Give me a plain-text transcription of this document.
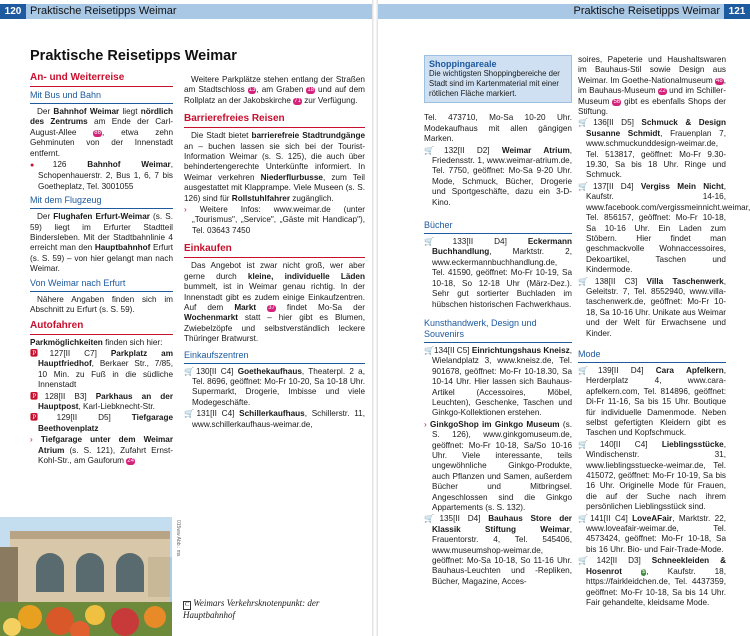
120 Praktische Reisetipps Weimar
Praktische Reisetipps Weimar
An- und Weiterreise
Mit Bus und Bahn

Der Bahnhof Weimar liegt nördlich des Zentrums am Ende der Carl-August-Allee 86, etwa zehn Gehminuten von der Innenstadt entfernt.

●126	Bahnhof Weimar, Schopenhauerstr. 2, Bus 1, 6, 7 bis Goetheplatz, Tel. 3001055

Mit dem Flugzeug

Der Flughafen Erfurt-Weimar (s. S. 59) liegt im Erfurter Stadtteil Bindersleben. Mit der Stadtbahnlinie 4 erreicht man den Hauptbahnhof Erfurt (s. S. 59) – von hier gelangt man nach Weimar.

Von Weimar nach Erfurt

Nähere Angaben finden sich im Abschnitt zu Erfurt (s. S. 59).

Autofahren

Parkmöglichkeiten finden sich hier:

🅿127[II C7] Parkplatz am Hauptfriedhof, Berkaer Str., 7/85, 10 Min. zu Fuß in die südliche Innenstadt

🅿128[II B3] Parkhaus an der Hauptpost, Karl-Liebknecht-Str.

🅿129[II D5]	Tiefgarage Beethovenplatz

› Tiefgarage unter dem Weimar Atrium (s. S. 121), Zufahrt Ernst-Kohl-Str., am Gauforum 24

Weitere Parkplätze stehen entlang der Straßen am Stadtschloss 13, am Graben 18 und auf dem Rollplatz an der Jakobskirche 71 zur Verfügung.

Barrierefreies Reisen

Die Stadt bietet barrierefreie Stadtrundgänge an – buchen lassen sie sich bei der Tourist-Information Weimar (s. S. 125), die auch über behindertengerechte Unterkünfte informiert. In Weimar verkehren Niederflurbusse, zum Teil ausgestattet mit Klapprampe. Viele Museen (s. S. 126) sind für Rollstuhlfahrer zugänglich.

› Weitere Infos: www.weimar.de (unter „Tourismus", „Service", „Gäste mit Handicap"), Tel. 03643 7450

Einkaufen

Das Angebot ist zwar nicht groß, wer aber gerne durch kleine, individuelle Läden bummelt, ist in Weimar genau richtig. In der Innenstadt gibt es zudem einige Einkaufzentren. Auf dem Markt 37 findet Mo-Sa der Wochenmarkt statt – hier gibt es Blumen, Zwiebelzöpfe und selbstverständlich leckere Thüringer Bratwurst.

Einkaufszentren

🛒130[II C4] Goethekaufhaus, Theaterpl. 2 a, Tel. 8696, geöffnet: Mo-Fr 10-20, Sa 10-18 Uhr. Supermarkt, Drogerie, Imbisse und viele Modegeschäfte.

🛒131[II C4] Schillerkaufhaus, Schillerstr. 11, www.schillerkaufhaus-weimar.de,

015ww Abb.: ms
C Weimars Verkehrsknotenpunkt: der Hauptbahnhof
Praktische Reisetipps Weimar 121
Shoppingareale
Die wichtigsten Shoppingbereiche der Stadt sind im Kartenmaterial mit einer rötlichen Fläche markiert.

Tel. 473710, Mo-Sa 10-20 Uhr. Modekaufhaus mit allen gängigen Marken.

🛒132[II D2] Weimar Atrium, Friedensstr. 1, www.weimar-atrium.de, Tel. 7750, geöffnet: Mo-Sa 9-20 Uhr. Mode, Schmuck, Bücher, Drogerie und Sportgeschäfte, dazu ein 3-D-Kino.

Bücher

🛒133[II D4]	Eckermann Buchhandlung, Marktstr. 2, www.eckermannbuchhandlung.de, Tel. 41590, geöffnet: Mo-Fr 10-19, Sa 10-18, So 12-18 Uhr (März-Dez.). Sehr gut sortierter Buchladen im hübschen historischen Fachwerkhaus.

Kunsthandwerk, Design und Souvenirs

🛒134[II C5] Einrichtungshaus Kneisz, Wielandplatz 3, www.kneisz.de, Tel. 901678, geöffnet: Mo-Fr 10-18.30, Sa 10-14 Uhr. Hier lassen sich Bauhaus-Artikel (Accessoires, Möbel, Leuchten), Geschenke, Taschen und Ginkgo-Kollektionen erstehen.

› GinkgoShop im Ginkgo Museum (s. S. 126), www.ginkgomuseum.de, geöffnet: Mo-Fr 10-18, Sa/So 10-16 Uhr. Viele interessante, teils ungewöhnliche Ginkgo-Produkte, auch Pflanzen und Samen, außerdem Bücher und Mitbringsel. Angeschlossen sind die Ginkgo Appartements (s. S. 132).

🛒135[II D4] Bauhaus Store der Klassik Stiftung Weimar, Frauentorstr. 4, Tel. 545406, www.museumshop-weimar.de, geöffnet: Mo-Sa 10-18, So 11-16 Uhr. Bauhaus-Leuchten und -Repliken, Bücher, Magazine, Acces-

soires, Papeterie und Haushaltswaren im Bauhaus-Stil sowie Design aus Weimar. Im Goethe-Nationalmuseum 48, im Bauhaus-Museum 22 und im Schiller-Museum 56 gibt es ebenfalls Shops der Stiftung.

🛒136[II D5] Schmuck & Design Susanne Schmidt, Frauenplan 7, www.schmuckunddesign-weimar.de, Tel. 513817, geöffnet: Mo-Fr 9.30-19.30, Sa bis 18 Uhr. Ringe und Schmuck.

🛒137[II D4] Vergiss Mein Nicht, Kaufstr. 14-16, www.facebook.com/vergissmeinnicht.weimar, Tel. 856157, geöffnet: Mo-Fr 10-18, Sa 10-16 Uhr. Ein Laden zum Stöbern. Hier findet man geschmackvolle Wohnaccessoires, Dekoartikel, Taschen und Kindermode.

🛒138[II C3] Villa Taschenwerk, Geleitstr. 7, Tel. 8552940, www.villa-taschenwerk.de, geöffnet: Mo-Fr 10-18, Sa 10-16 Uhr. Unikate aus Weimar und der Welt für Erwachsene und Kinder.

Mode

🛒139[II D4] Cara Apfelkern, Herderplatz 4, www.cara-apfelkern.com, Tel. 814896, geöffnet: Di-Fr 11-16, Sa bis 15 Uhr. Boutique für individuelle Damenmode. Neben selbst gefertigten Kleidern gibt es Taschen und Kopfschmuck.

🛒140[II C4] Lieblingsstücke, Windischenstr. 31, www.lieblingsstuecke-weimar.de, Tel. 415072, geöffnet: Mo-Fr 10-19, Sa bis 16 Uhr. Originelle Mode für Frauen, die auf der Suche nach ihrem persönlichen Lieblingsstück sind.

🛒141[II C4] LoveAFair, Marktstr. 22, www.loveafair-weimar.de, Tel. 4573424, geöffnet: Mo-Fr 10-18, Sa bis 16 Uhr. Bio- und Fair-Trade-Mode.

🛒142[II D3] Schneekleiden & Hosenrot	$, Kaufstr. 18, https://fairkleidchen.de, Tel. 4437359, geöffnet: Mo-Fr 10-18, Sa bis 14 Uhr. Fair gehandelte, kleidsame Mode.
